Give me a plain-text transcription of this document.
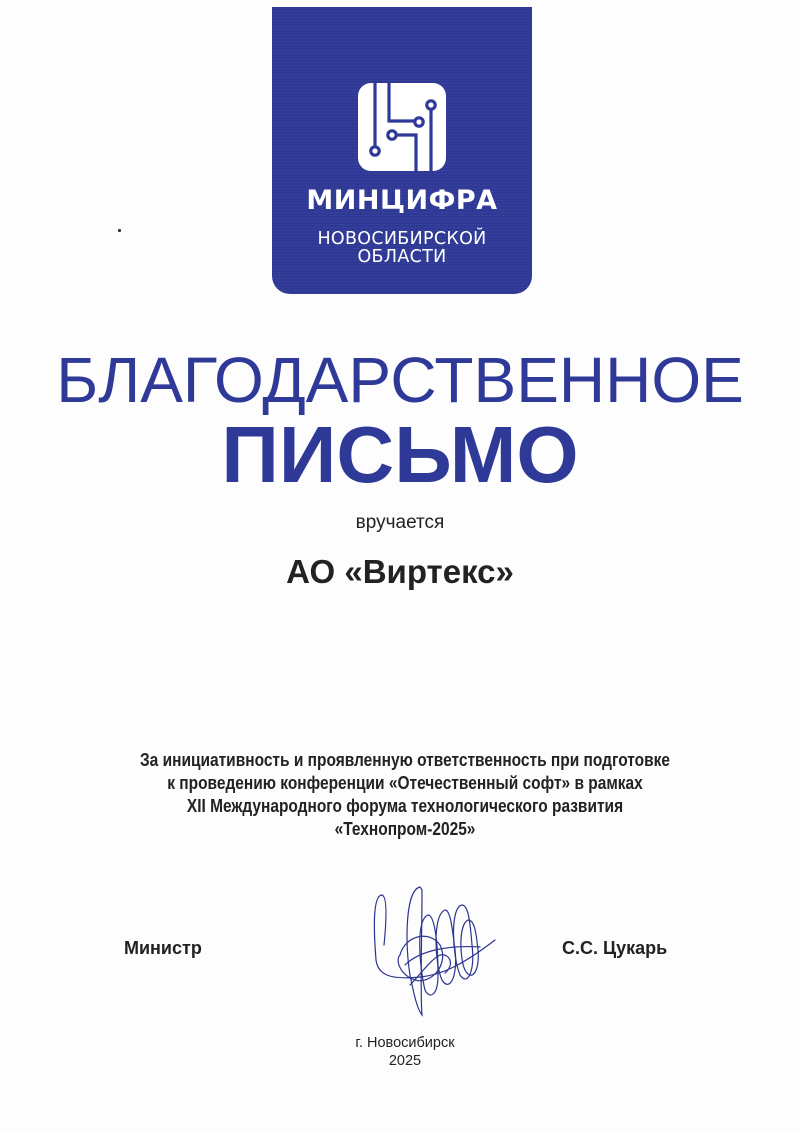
МИНЦИФРА
НОВОСИБИРСКОЙ
ОБЛАСТИ
БЛАГОДАРСТВЕННОЕ
ПИСЬМО
вручается
АО «Виртекс»
За инициативность и проявленную ответственность при подготовке
к проведению конференции «Отечественный софт» в рамках
XII Международного форума технологического развития
«Технопром-2025»
Министр	С.С. Цукарь
г. Новосибирск
2025
